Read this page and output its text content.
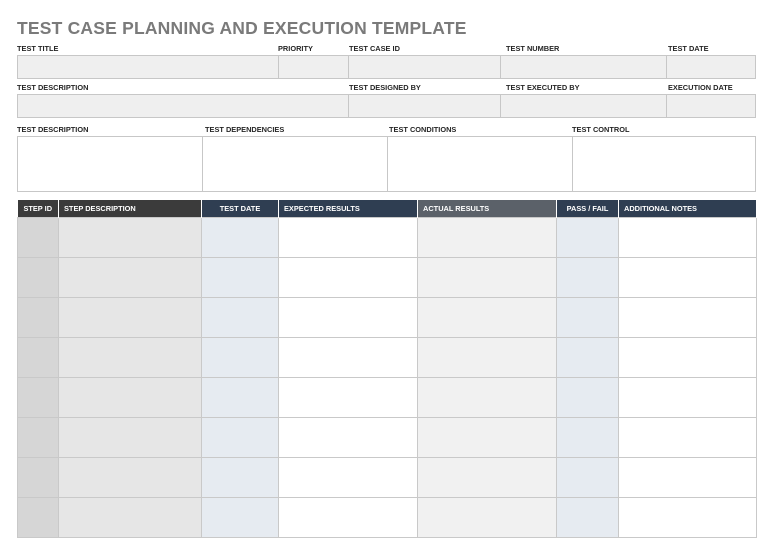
TEST CASE PLANNING AND EXECUTION TEMPLATE
TEST TITLE	PRIORITY	TEST CASE ID	TEST NUMBER	TEST DATE
TEST DESCRIPTION	TEST DESIGNED BY	TEST EXECUTED BY	EXECUTION DATE
TEST DESCRIPTION	TEST DEPENDENCIES	TEST CONDITIONS	TEST CONTROL
STEP ID	STEP DESCRIPTION	TEST DATE	EXPECTED RESULTS	ACTUAL RESULTS	PASS / FAIL	ADDITIONAL NOTES
